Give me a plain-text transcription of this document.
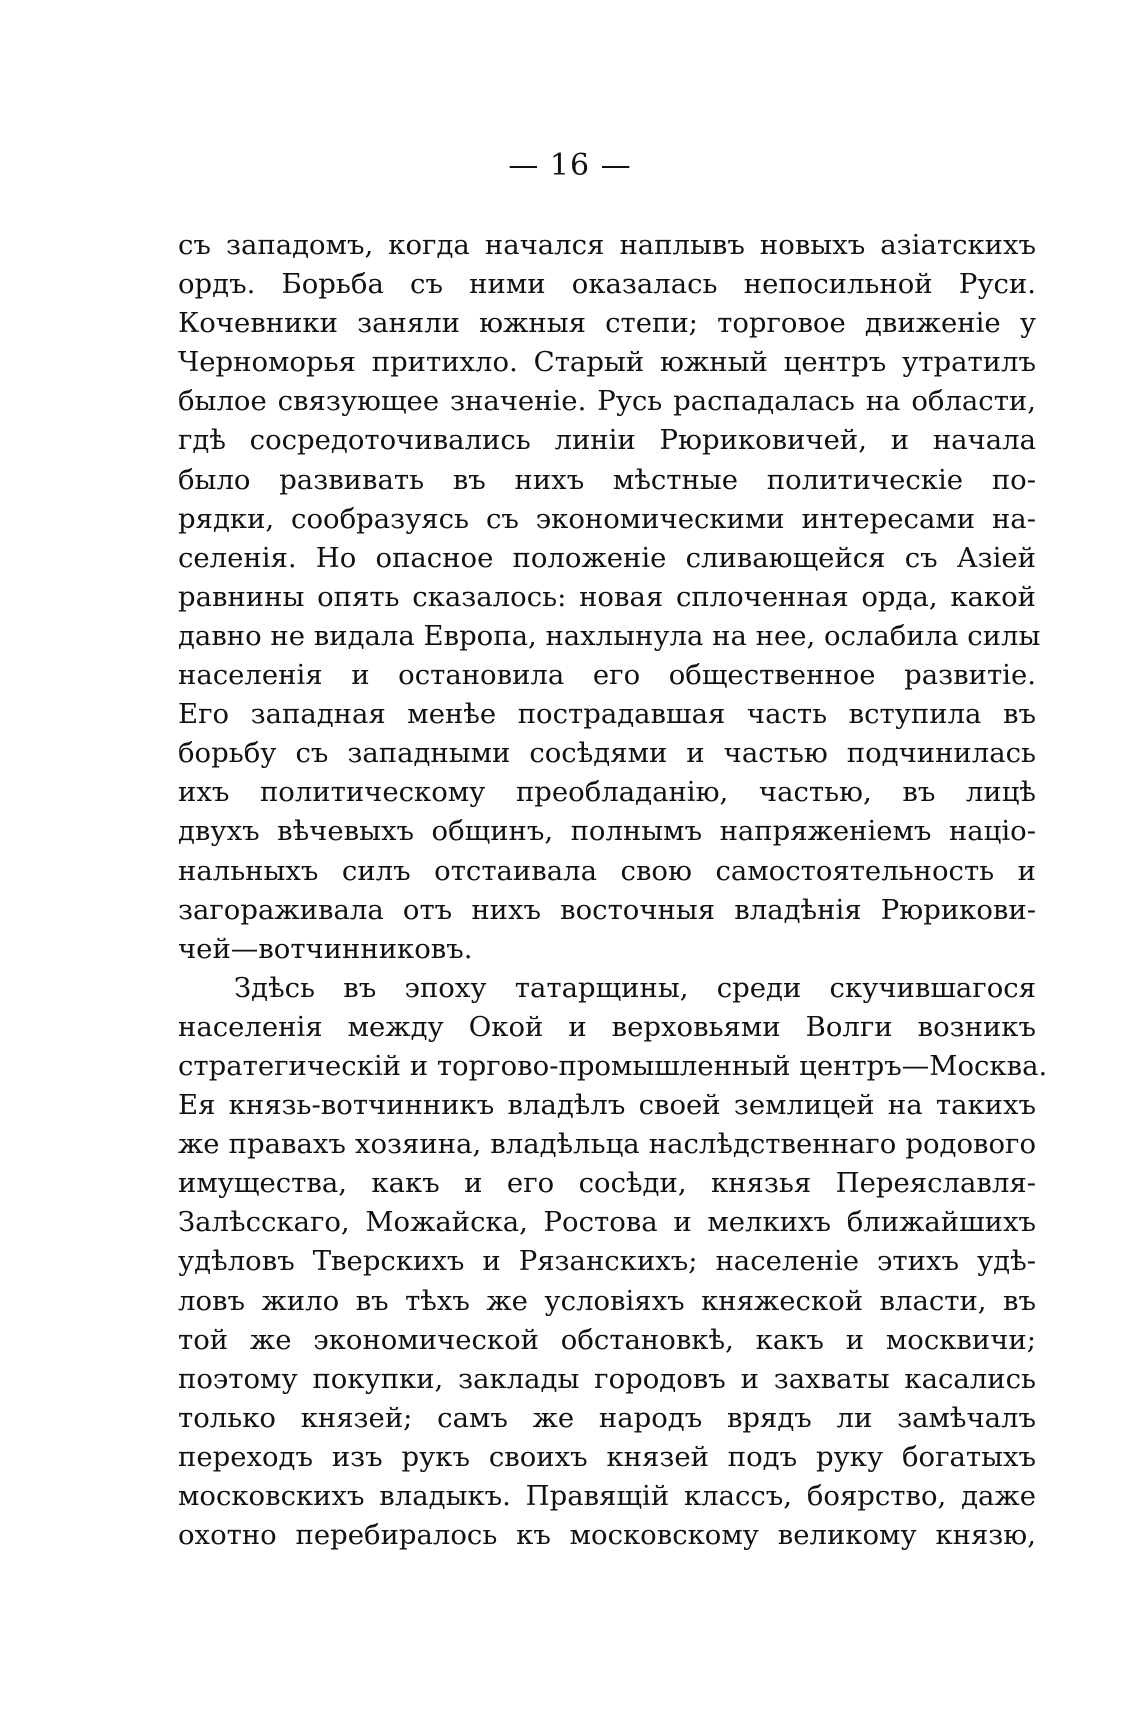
— 16 —
съ западомъ, когда начался наплывъ новыхъ азіатскихъ
ордъ. Борьба съ ними оказалась непосильной Руси.
Кочевники заняли южныя степи; торговое движеніе у
Черноморья притихло. Старый южный центръ утратилъ
былое связующее значеніе. Русь распадалась на области,
гдѣ сосредоточивались линіи Рюриковичей, и начала
было развивать въ нихъ мѣстные политическіе по-
рядки, сообразуясь съ экономическими интересами на-
селенія. Но опасное положеніе сливающейся съ Азіей
равнины опять сказалось: новая сплоченная орда, какой
давно не видала Европа, нахлынула на нее, ослабила силы
населенія и остановила его общественное развитіе.
Его западная менѣе пострадавшая часть вступила въ
борьбу съ западными сосѣдями и частью подчинилась
ихъ политическому преобладанію, частью, въ лицѣ
двухъ вѣчевыхъ общинъ, полнымъ напряженіемъ націо-
нальныхъ силъ отстаивала свою самостоятельность и
загораживала отъ нихъ восточныя владѣнія Рюрикови-
чей—вотчинниковъ.
Здѣсь въ эпоху татарщины, среди скучившагося
населенія между Окой и верховьями Волги возникъ
стратегическій и торгово-промышленный центръ—Москва.
Ея князь-вотчинникъ владѣлъ своей землицей на такихъ
же правахъ хозяина, владѣльца наслѣдственнаго родового
имущества, какъ и его сосѣди, князья Переяславля-
Залѣсскаго, Можайска, Ростова и мелкихъ ближайшихъ
удѣловъ Тверскихъ и Рязанскихъ; населеніе этихъ удѣ-
ловъ жило въ тѣхъ же условіяхъ княжеской власти, въ
той же экономической обстановкѣ, какъ и москвичи;
поэтому покупки, заклады городовъ и захваты касались
только князей; самъ же народъ врядъ ли замѣчалъ
переходъ изъ рукъ своихъ князей подъ руку богатыхъ
московскихъ владыкъ. Правящій классъ, боярство, даже
охотно перебиралось къ московскому великому князю,
